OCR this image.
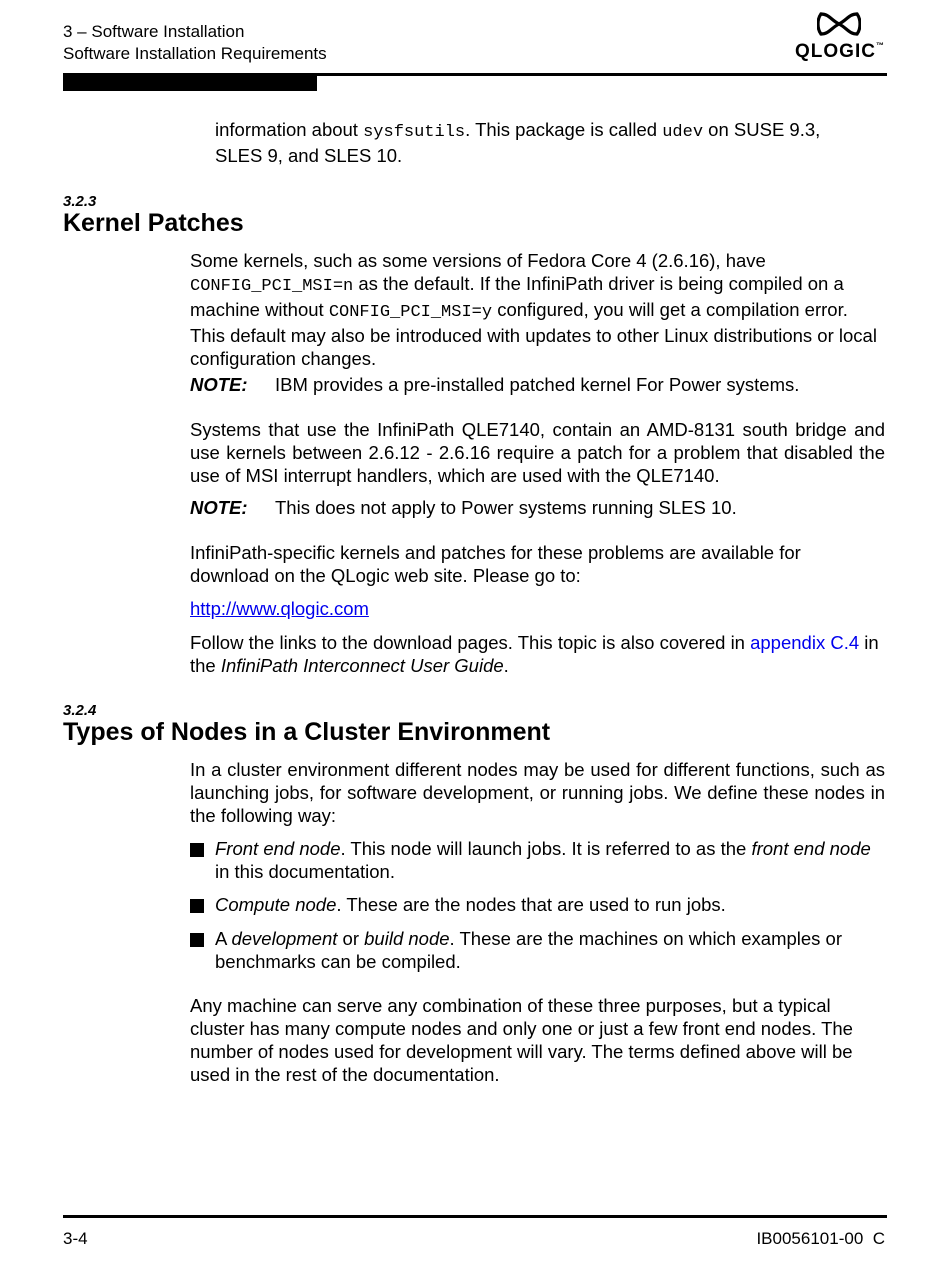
3 – Software Installation
Software Installation Requirements	QLOGIC™
information about sysfsutils. This package is called udev on SUSE 9.3,
SLES 9, and SLES 10.
3.2.3
Kernel Patches
Some kernels, such as some versions of Fedora Core 4 (2.6.16), have
CONFIG_PCI_MSI=n as the default. If the InfiniPath driver is being compiled on a
machine without CONFIG_PCI_MSI=y configured, you will get a compilation error.
This default may also be introduced with updates to other Linux distributions or local
configuration changes.
NOTE: IBM provides a pre-installed patched kernel For Power systems.
Systems that use the InfiniPath QLE7140, contain an AMD-8131 south bridge and use kernels between 2.6.12 - 2.6.16 require a patch for a problem that disabled the use of MSI interrupt handlers, which are used with the QLE7140.
NOTE: This does not apply to Power systems running SLES 10.
InfiniPath-specific kernels and patches for these problems are available for download on the QLogic web site. Please go to:
http://www.qlogic.com
Follow the links to the download pages. This topic is also covered in appendix C.4 in the InfiniPath Interconnect User Guide.
3.2.4
Types of Nodes in a Cluster Environment
In a cluster environment different nodes may be used for different functions, such as launching jobs, for software development, or running jobs. We define these nodes in the following way:
Front end node. This node will launch jobs. It is referred to as the front end node in this documentation.
Compute node. These are the nodes that are used to run jobs.
A development or build node. These are the machines on which examples or benchmarks can be compiled.
Any machine can serve any combination of these three purposes, but a typical cluster has many compute nodes and only one or just a few front end nodes. The number of nodes used for development will vary. The terms defined above will be used in the rest of the documentation.
3-4	IB0056101-00  C
